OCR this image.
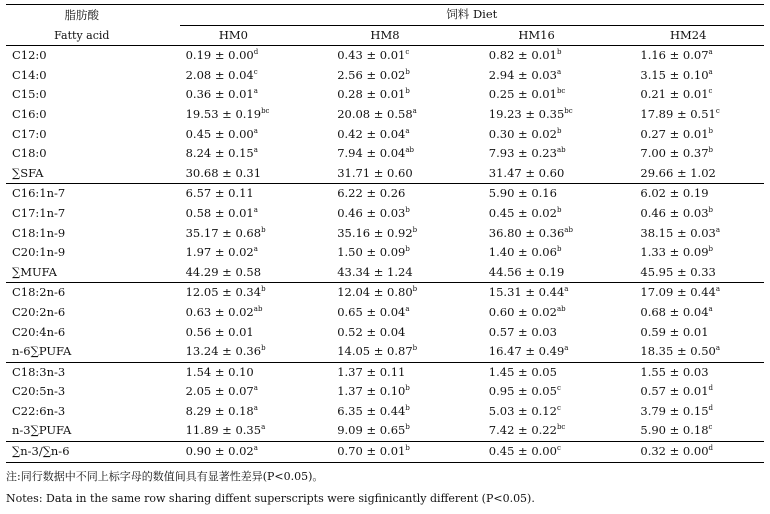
脂肪酸	饲料 Diet			

Fatty acid	HM0	HM8	HM16	HM24
C12:0	0.19 ± 0.00$^d$	0.43 ± 0.01$^c$	0.82 ± 0.01$^b$	1.16 ± 0.07$^a$
C14:0	2.08 ± 0.04$^c$	2.56 ± 0.02$^b$	2.94 ± 0.03$^a$	3.15 ± 0.10$^a$
C15:0	0.36 ± 0.01$^a$	0.28 ± 0.01$^b$	0.25 ± 0.01$^{bc}$	0.21 ± 0.01$^c$
C16:0	19.53 ± 0.19$^{bc}$	20.08 ± 0.58$^a$	19.23 ± 0.35$^{bc}$	17.89 ± 0.51$^c$
C17:0	0.45 ± 0.00$^a$	0.42 ± 0.04$^a$	0.30 ± 0.02$^b$	0.27 ± 0.01$^b$
C18:0	8.24 ± 0.15$^a$	7.94 ± 0.04$^{ab}$	7.93 ± 0.23$^{ab}$	7.00 ± 0.37$^b$
∑SFA	30.68 ± 0.31	31.71 ± 0.60	31.47 ± 0.60	29.66 ± 1.02
C16:1n-7	6.57 ± 0.11	6.22 ± 0.26	5.90 ± 0.16	6.02 ± 0.19
C17:1n-7	0.58 ± 0.01$^a$	0.46 ± 0.03$^b$	0.45 ± 0.02$^b$	0.46 ± 0.03$^b$
C18:1n-9	35.17 ± 0.68$^b$	35.16 ± 0.92$^b$	36.80 ± 0.36$^{ab}$	38.15 ± 0.03$^a$
C20:1n-9	1.97 ± 0.02$^a$	1.50 ± 0.09$^b$	1.40 ± 0.06$^b$	1.33 ± 0.09$^b$
∑MUFA	44.29 ± 0.58	43.34 ± 1.24	44.56 ± 0.19	45.95 ± 0.33
C18:2n-6	12.05 ± 0.34$^b$	12.04 ± 0.80$^b$	15.31 ± 0.44$^a$	17.09 ± 0.44$^a$
C20:2n-6	0.63 ± 0.02$^{ab}$	0.65 ± 0.04$^a$	0.60 ± 0.02$^{ab}$	0.68 ± 0.04$^a$
C20:4n-6	0.56 ± 0.01	0.52 ± 0.04	0.57 ± 0.03	0.59 ± 0.01
n-6∑PUFA	13.24 ± 0.36$^b$	14.05 ± 0.87$^b$	16.47 ± 0.49$^a$	18.35 ± 0.50$^a$
C18:3n-3	1.54 ± 0.10	1.37 ± 0.11	1.45 ± 0.05	1.55 ± 0.03
C20:5n-3	2.05 ± 0.07$^a$	1.37 ± 0.10$^b$	0.95 ± 0.05$^c$	0.57 ± 0.01$^d$
C22:6n-3	8.29 ± 0.18$^a$	6.35 ± 0.44$^b$	5.03 ± 0.12$^c$	3.79 ± 0.15$^d$
n-3∑PUFA	11.89 ± 0.35$^a$	9.09 ± 0.65$^b$	7.42 ± 0.22$^{bc}$	5.90 ± 0.18$^c$
∑n-3/∑n-6	0.90 ± 0.02$^a$	0.70 ± 0.01$^b$	0.45 ± 0.00$^c$	0.32 ± 0.00$^d$
注:同行数据中不同上标字母的数值间具有显著性差异(P<0.05)。
Notes: Data in the same row sharing diffent superscripts were sigfinicantly different (P<0.05).
